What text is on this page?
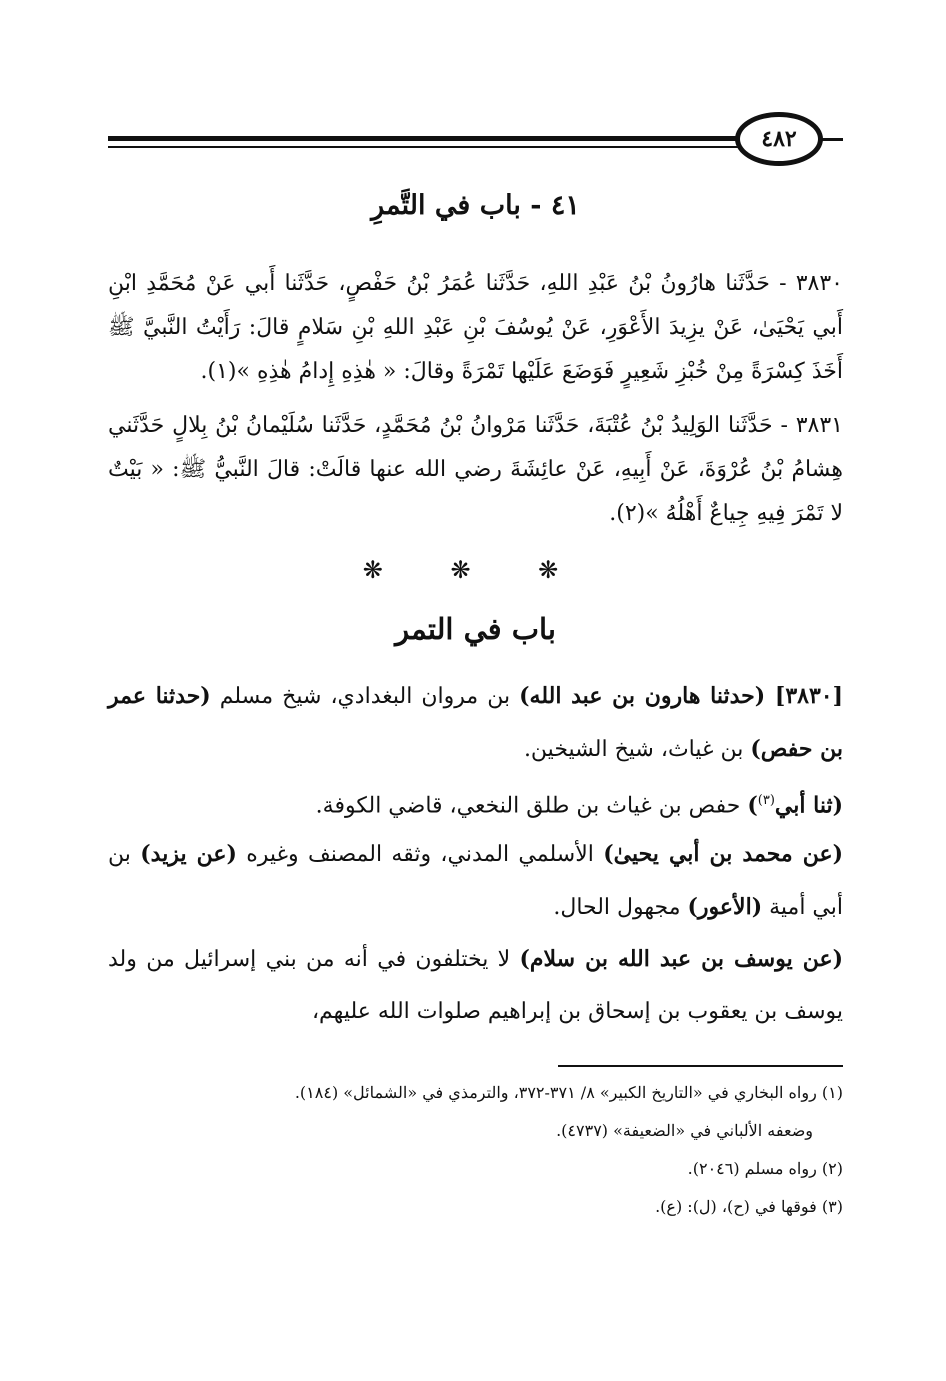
٤٨٢
٤١ - باب في التَّمرِ

٣٨٣٠ - حَدَّثَنا هارُونُ بْنُ عَبْدِ اللهِ، حَدَّثَنا عُمَرُ بْنُ حَفْصٍ، حَدَّثَنا أَبي عَنْ مُحَمَّدِ ابْنِ أَبي يَحْيَىٰ، عَنْ يزِيدَ الأَعْوَرِ، عَنْ يُوسُفَ بْنِ عَبْدِ اللهِ بْنِ سَلامٍ قالَ: رَأَيْتُ النَّبيَّ ﷺ أَخَذَ كِسْرَةً مِنْ خُبْزِ شَعِيرٍ فَوَضَعَ عَلَيْها تَمْرَةً وقالَ: « هٰذِهِ إِدامُ هٰذِهِ »(١).

٣٨٣١ - حَدَّثَنا الوَلِيدُ بْنُ عُتْبَةَ، حَدَّثَنا مَرْوانُ بْنُ مُحَمَّدٍ، حَدَّثَنا سُلَيْمانُ بْنُ بِلالٍ حَدَّثَني هِشامُ بْنُ عُرْوَةَ، عَنْ أَبِيهِ، عَنْ عائِشَةَ رضي الله عنها قالَتْ: قالَ النَّبيُّ ﷺ: « بَيْتٌ لا تَمْرَ فِيهِ جِياعٌ أَهْلُهُ »(٢).

❋ ❋ ❋
باب في التمر

[٣٨٣٠] (حدثنا هارون بن عبد الله) بن مروان البغدادي، شيخ مسلم (حدثنا عمر بن حفص) بن غياث، شيخ الشيخين.

(ثنا أبي$^{(٣)}$) حفص بن غياث بن طلق النخعي، قاضي الكوفة.

(عن محمد بن أبي يحيىٰ) الأسلمي المدني، وثقه المصنف وغيره (عن يزيد) بن أبي أمية (الأعور) مجهول الحال.

(عن يوسف بن عبد الله بن سلام) لا يختلفون في أنه من بني إسرائيل من ولد يوسف بن يعقوب بن إسحاق بن إبراهيم صلوات الله عليهم،

(١) رواه البخاري في «التاريخ الكبير» ٨/ ٣٧١-٣٧٢، والترمذي في «الشمائل» (١٨٤).

وضعفه الألباني في «الضعيفة» (٤٧٣٧).

(٢) رواه مسلم (٢٠٤٦).

(٣) فوقها في (ح)، (ل): (ع).
